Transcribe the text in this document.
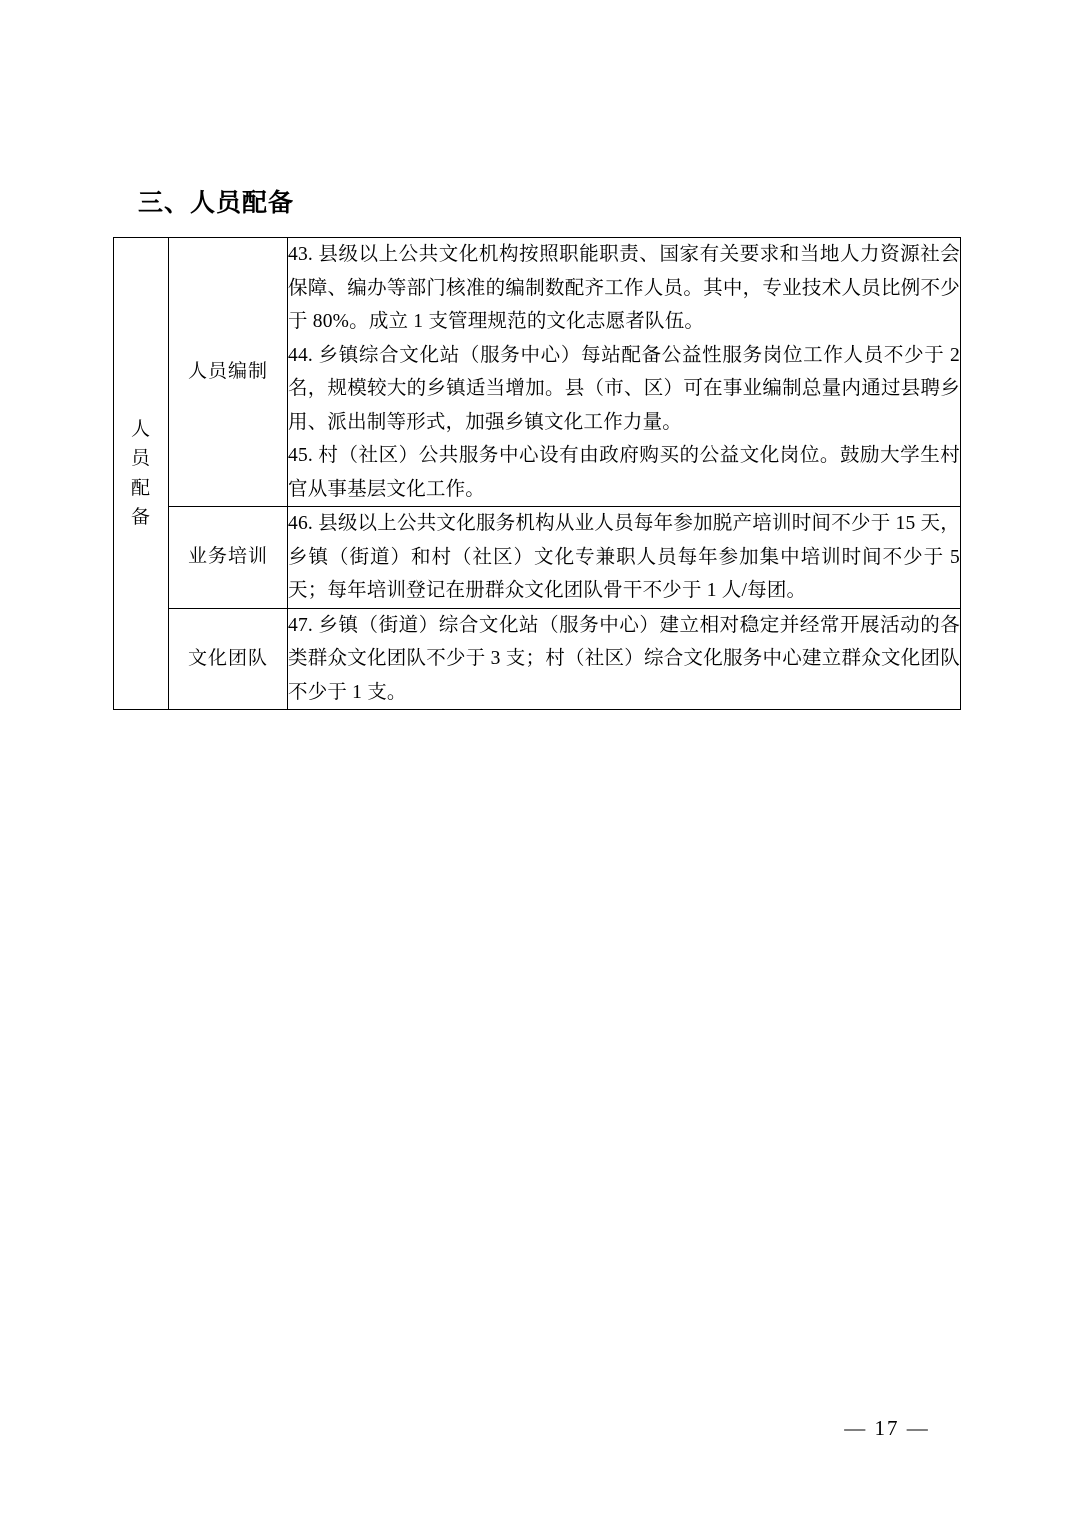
三、人员配备
人员配备	人员编制	43. 县级以上公共文化机构按照职能职责、国家有关要求和当地人力资源社会保障、编办等部门核准的编制数配齐工作人员。其中，专业技术人员比例不少于 80%。成立 1 支管理规范的文化志愿者队伍。

44. 乡镇综合文化站（服务中心）每站配备公益性服务岗位工作人员不少于 2 名，规模较大的乡镇适当增加。县（市、区）可在事业编制总量内通过县聘乡用、派出制等形式，加强乡镇文化工作力量。

45. 村（社区）公共服务中心设有由政府购买的公益文化岗位。鼓励大学生村官从事基层文化工作。

	业务培训	46. 县级以上公共文化服务机构从业人员每年参加脱产培训时间不少于 15 天，乡镇（街道）和村（社区）文化专兼职人员每年参加集中培训时间不少于 5 天；每年培训登记在册群众文化团队骨干不少于 1 人/每团。

	文化团队	47. 乡镇（街道）综合文化站（服务中心）建立相对稳定并经常开展活动的各类群众文化团队不少于 3 支；村（社区）综合文化服务中心建立群众文化团队不少于 1 支。

— 17 —
